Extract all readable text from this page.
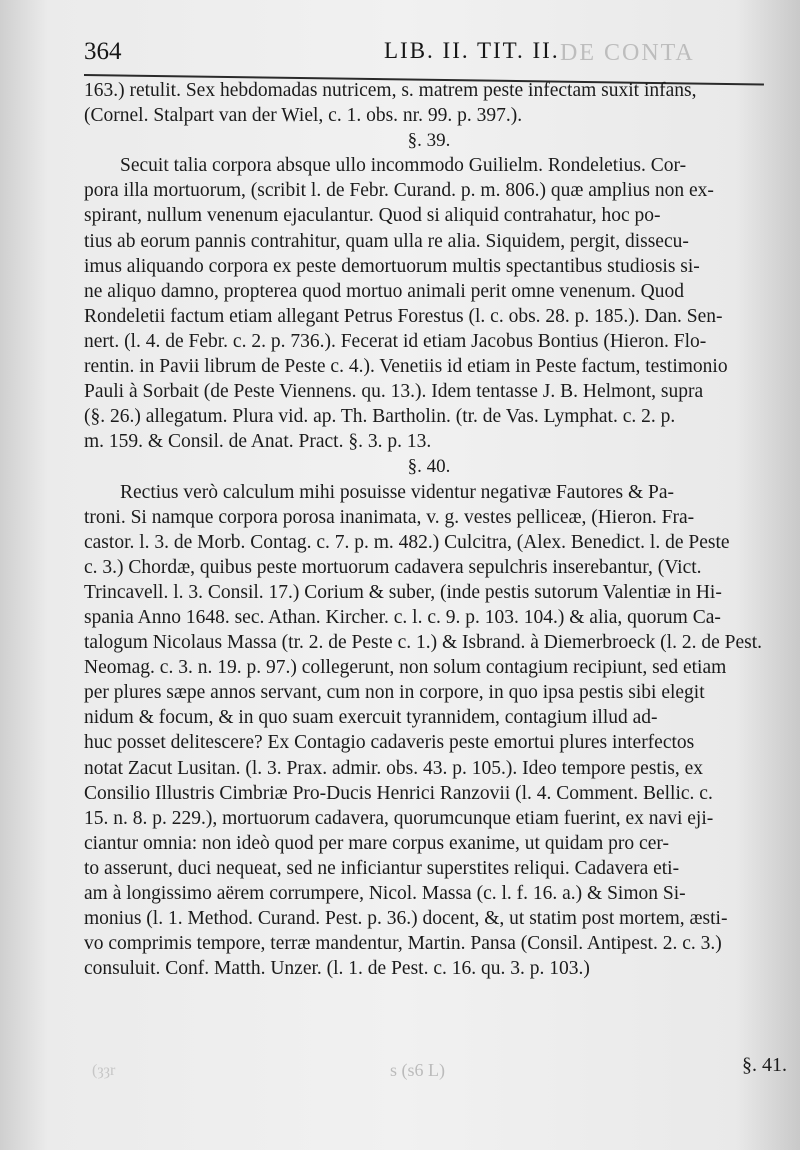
DE CONTA
364	LIB. II. TIT. II.
163.) retulit. Sex hebdomadas nutricem, s. matrem peste infectam suxit infans,
(Cornel. Stalpart van der Wiel, c. 1. obs. nr. 99. p. 397.).
§. 39.
Secuit talia corpora absque ullo incommodo Guilielm. Rondeletius. Cor-
pora illa mortuorum, (scribit l. de Febr. Curand. p. m. 806.) quæ amplius non ex-
spirant, nullum venenum ejaculantur. Quod si aliquid contrahatur, hoc po-
tius ab eorum pannis contrahitur, quam ulla re alia. Siquidem, pergit, dissecu-
imus aliquando corpora ex peste demortuorum multis spectantibus studiosis si-
ne aliquo damno, propterea quod mortuo animali perit omne venenum. Quod
Rondeletii factum etiam allegant Petrus Forestus (l. c. obs. 28. p. 185.). Dan. Sen-
nert. (l. 4. de Febr. c. 2. p. 736.). Fecerat id etiam Jacobus Bontius (Hieron. Flo-
rentin. in Pavii librum de Peste c. 4.). Venetiis id etiam in Peste factum, testimonio
Pauli à Sorbait (de Peste Viennens. qu. 13.). Idem tentasse J. B. Helmont, supra
(§. 26.) allegatum. Plura vid. ap. Th. Bartholin. (tr. de Vas. Lymphat. c. 2. p.
m. 159. & Consil. de Anat. Pract. §. 3. p. 13.
§. 40.
Rectius verò calculum mihi posuisse videntur negativæ Fautores & Pa-
troni. Si namque corpora porosa inanimata, v. g. vestes pelliceæ, (Hieron. Fra-
castor. l. 3. de Morb. Contag. c. 7. p. m. 482.) Culcitra, (Alex. Benedict. l. de Peste
c. 3.) Chordæ, quibus peste mortuorum cadavera sepulchris inserebantur, (Vict.
Trincavell. l. 3. Consil. 17.) Corium & suber, (inde pestis sutorum Valentiæ in Hi-
spania Anno 1648. sec. Athan. Kircher. c. l. c. 9. p. 103. 104.) & alia, quorum Ca-
talogum Nicolaus Massa (tr. 2. de Peste c. 1.) & Isbrand. à Diemerbroeck (l. 2. de Pest.
Neomag. c. 3. n. 19. p. 97.) collegerunt, non solum contagium recipiunt, sed etiam
per plures sæpe annos servant, cum non in corpore, in quo ipsa pestis sibi elegit
nidum & focum, & in quo suam exercuit tyrannidem, contagium illud ad-
huc posset delitescere? Ex Contagio cadaveris peste emortui plures interfectos
notat Zacut Lusitan. (l. 3. Prax. admir. obs. 43. p. 105.). Ideo tempore pestis, ex
Consilio Illustris Cimbriæ Pro-Ducis Henrici Ranzovii (l. 4. Comment. Bellic. c.
15. n. 8. p. 229.), mortuorum cadavera, quorumcunque etiam fuerint, ex navi eji-
ciantur omnia: non ideò quod per mare corpus exanime, ut quidam pro cer-
to asserunt, duci nequeat, sed ne inficiantur superstites reliqui. Cadavera eti-
am à longissimo aërem corrumpere, Nicol. Massa (c. l. f. 16. a.) & Simon Si-
monius (l. 1. Method. Curand. Pest. p. 36.) docent, &, ut statim post mortem, æsti-
vo comprimis tempore, terræ mandentur, Martin. Pansa (Consil. Antipest. 2. c. 3.)
consuluit. Conf. Matth. Unzer. (l. 1. de Pest. c. 16. qu. 3. p. 103.)
(ȝȝr	s (s6 L)	§. 41.
